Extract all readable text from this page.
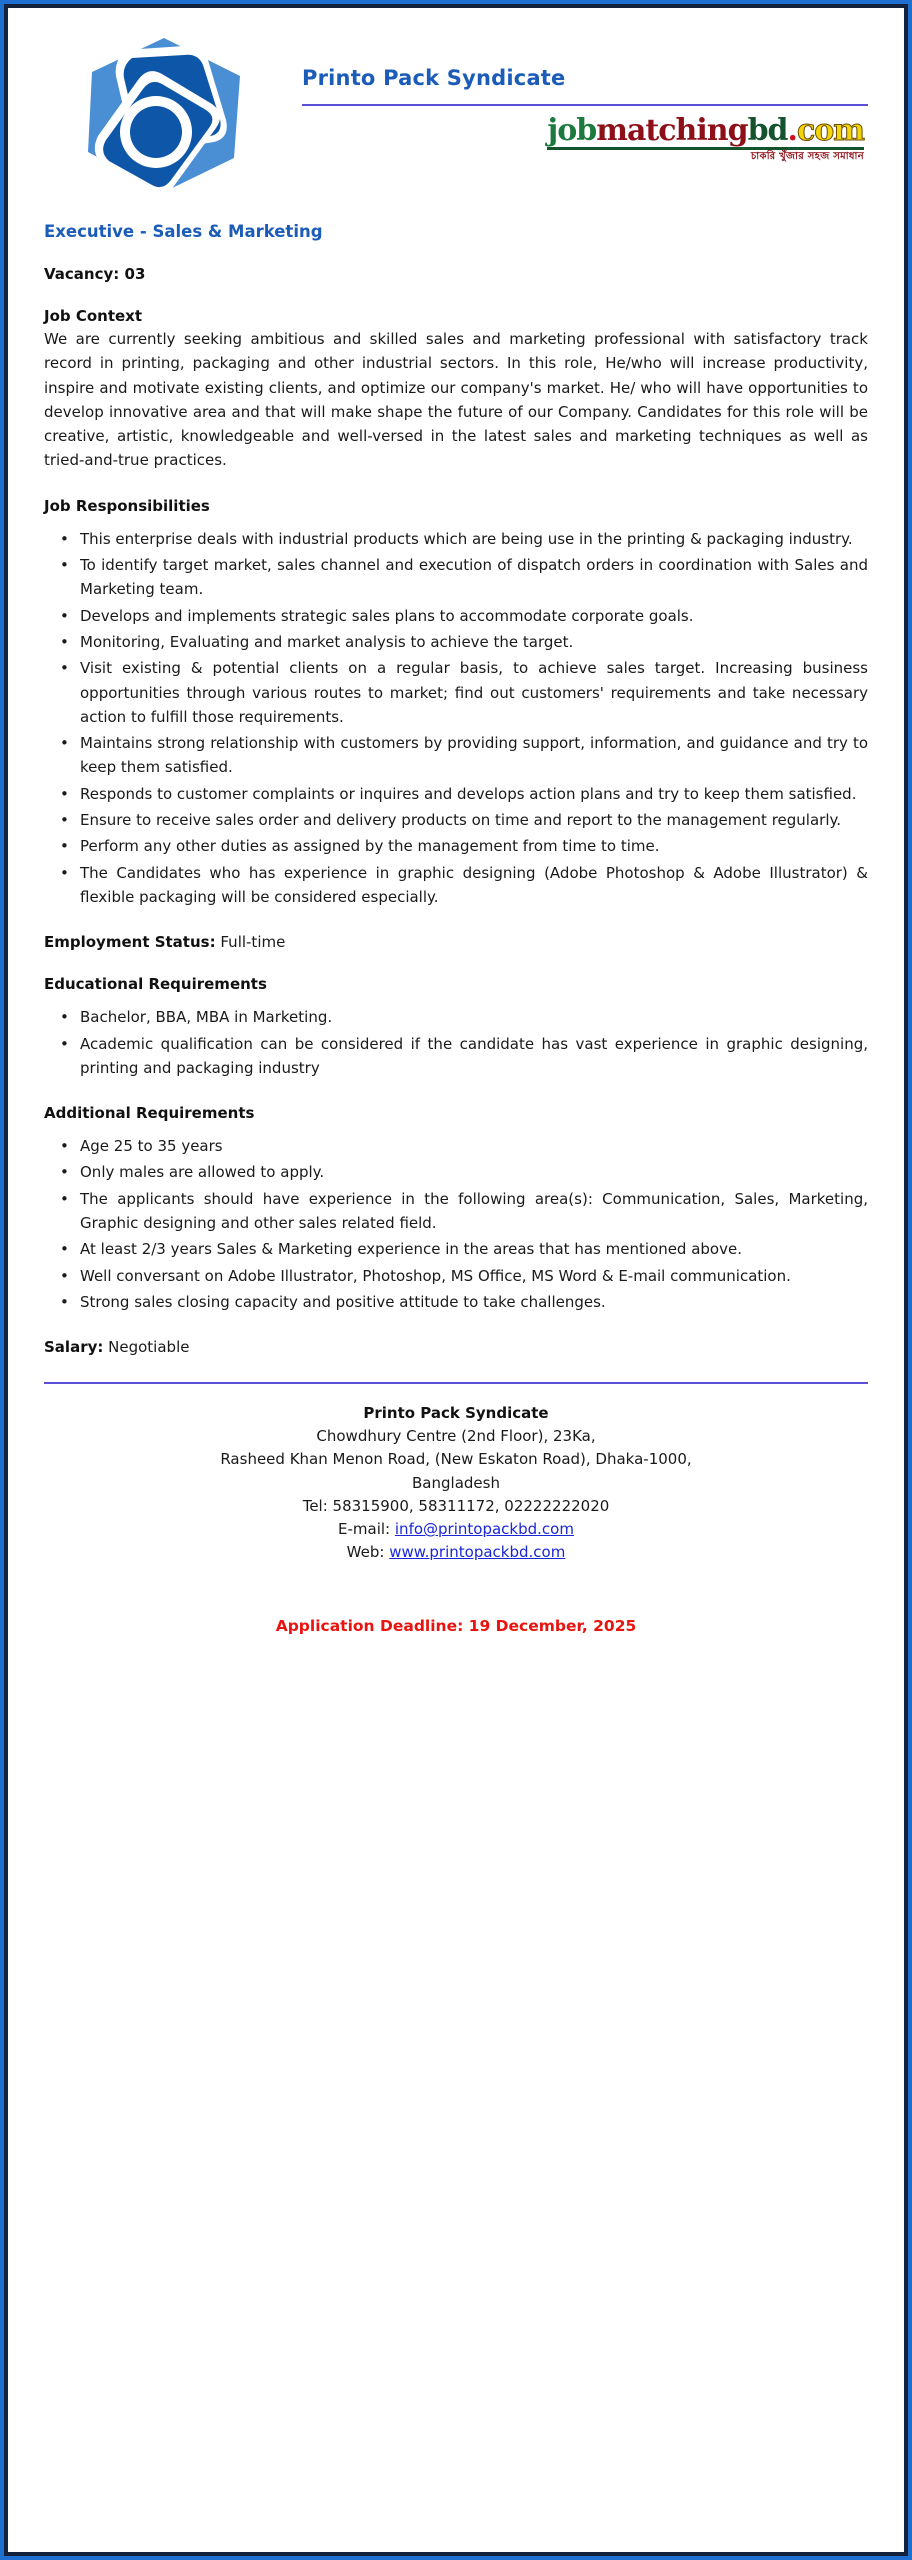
Printo Pack Syndicate
jobmatchingbd.com
চাকরি খুঁজার সহজ সমাধান
Executive - Sales & Marketing
Vacancy: 03
Job Context

We are currently seeking ambitious and skilled sales and marketing professional with satisfactory track record in printing, packaging and other industrial sectors. In this role, He/who will increase productivity, inspire and motivate existing clients, and optimize our company's market. He/ who will have opportunities to develop innovative area and that will make shape the future of our Company. Candidates for this role will be creative, artistic, knowledgeable and well-versed in the latest sales and marketing techniques as well as tried-and-true practices.

Job Responsibilities
• This enterprise deals with industrial products which are being use in the printing & packaging industry.
• To identify target market, sales channel and execution of dispatch orders in coordination with Sales and Marketing team.
• Develops and implements strategic sales plans to accommodate corporate goals.
• Monitoring, Evaluating and market analysis to achieve the target.
• Visit existing & potential clients on a regular basis, to achieve sales target. Increasing business opportunities through various routes to market; find out customers' requirements and take necessary action to fulfill those requirements.
• Maintains strong relationship with customers by providing support, information, and guidance and try to keep them satisfied.
• Responds to customer complaints or inquires and develops action plans and try to keep them satisfied.
• Ensure to receive sales order and delivery products on time and report to the management regularly.
• Perform any other duties as assigned by the management from time to time.
• The Candidates who has experience in graphic designing (Adobe Photoshop & Adobe Illustrator) & flexible packaging will be considered especially.
Employment Status: Full-time
Educational Requirements
• Bachelor, BBA, MBA in Marketing.
• Academic qualification can be considered if the candidate has vast experience in graphic designing, printing and packaging industry
Additional Requirements
• Age 25 to 35 years
• Only males are allowed to apply.
• The applicants should have experience in the following area(s): Communication, Sales, Marketing, Graphic designing and other sales related field.
• At least 2/3 years Sales & Marketing experience in the areas that has mentioned above.
• Well conversant on Adobe Illustrator, Photoshop, MS Office, MS Word & E-mail communication.
• Strong sales closing capacity and positive attitude to take challenges.
Salary: Negotiable
Printo Pack Syndicate
Chowdhury Centre (2nd Floor), 23Ka,
Rasheed Khan Menon Road, (New Eskaton Road), Dhaka-1000,
Bangladesh
Tel: 58315900, 58311172, 02222222020
E-mail: info@printopackbd.com
Web: www.printopackbd.com
Application Deadline: 19 December, 2025
